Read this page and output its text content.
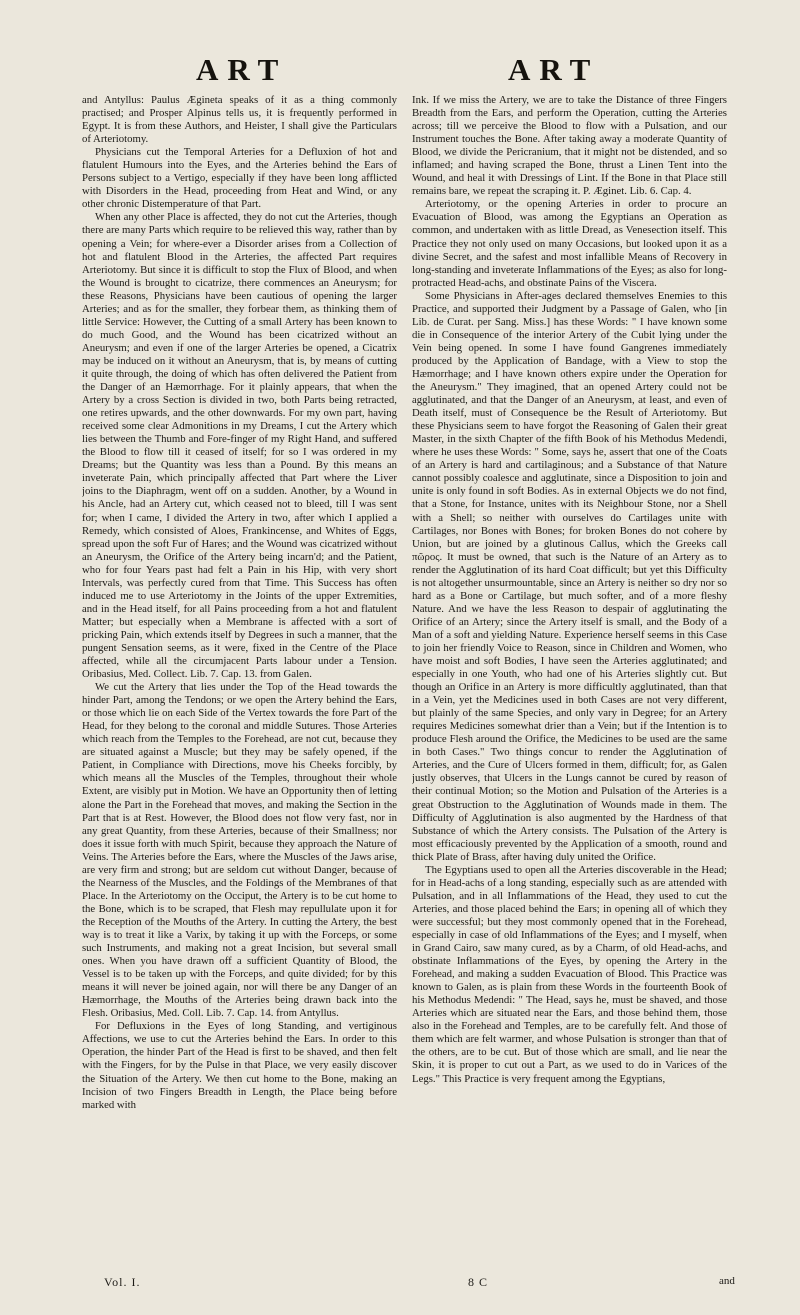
ART	ART

and Antyllus: Paulus Ægineta speaks of it as a thing commonly practised; and Prosper Alpinus tells us, it is frequently performed in Egypt. It is from these Authors, and Heister, I shall give the Particulars of Arteriotomy.

Physicians cut the Temporal Arteries for a Defluxion of hot and flatulent Humours into the Eyes, and the Arteries behind the Ears of Persons subject to a Vertigo, especially if they have been long afflicted with Disorders in the Head, proceeding from Heat and Wind, or any other chronic Distemperature of that Part.

When any other Place is affected, they do not cut the Arteries, though there are many Parts which require to be relieved this way, rather than by opening a Vein; for where-ever a Disorder arises from a Collection of hot and flatulent Blood in the Arteries, the affected Part requires Arteriotomy. But since it is difficult to stop the Flux of Blood, and when the Wound is brought to cicatrize, there commences an Aneurysm; for these Reasons, Physicians have been cautious of opening the larger Arteries; and as for the smaller, they forbear them, as thinking them of little Service: However, the Cutting of a small Artery has been known to do much Good, and the Wound has been cicatrized without an Aneurysm; and even if one of the larger Arteries be opened, a Cicatrix may be induced on it without an Aneurysm, that is, by means of cutting it quite through, the doing of which has often delivered the Patient from the Danger of an Hæmorrhage. For it plainly appears, that when the Artery by a cross Section is divided in two, both Parts being retracted, one retires upwards, and the other downwards. For my own part, having received some clear Admonitions in my Dreams, I cut the Artery which lies between the Thumb and Fore-finger of my Right Hand, and suffered the Blood to flow till it ceased of itself; for so I was ordered in my Dreams; but the Quantity was less than a Pound. By this means an inveterate Pain, which principally affected that Part where the Liver joins to the Diaphragm, went off on a sudden. Another, by a Wound in his Ancle, had an Artery cut, which ceased not to bleed, till I was sent for; when I came, I divided the Artery in two, after which I applied a Remedy, which consisted of Aloes, Frankincense, and Whites of Eggs, spread upon the soft Fur of Hares; and the Wound was cicatrized without an Aneurysm, the Orifice of the Artery being incarn'd; and the Patient, who for four Years past had felt a Pain in his Hip, with very short Intervals, was perfectly cured from that Time. This Success has often induced me to use Arteriotomy in the Joints of the upper Extremities, and in the Head itself, for all Pains proceeding from a hot and flatulent Matter; but especially when a Membrane is affected with a sort of pricking Pain, which extends itself by Degrees in such a manner, that the pungent Sensation seems, as it were, fixed in the Centre of the Place affected, while all the circumjacent Parts labour under a Tension. Oribasius, Med. Collect. Lib. 7. Cap. 13. from Galen.

We cut the Artery that lies under the Top of the Head towards the hinder Part, among the Tendons; or we open the Artery behind the Ears, or those which lie on each Side of the Vertex towards the fore Part of the Head, for they belong to the coronal and middle Sutures. Those Arteries which reach from the Temples to the Forehead, are not cut, because they are situated against a Muscle; but they may be safely opened, if the Patient, in Compliance with Directions, move his Cheeks forcibly, by which means all the Muscles of the Temples, throughout their whole Extent, are visibly put in Motion. We have an Opportunity then of letting alone the Part in the Forehead that moves, and making the Section in the Part that is at Rest. However, the Blood does not flow very fast, nor in any great Quantity, from these Arteries, because of their Smallness; nor does it issue forth with much Spirit, because they approach the Nature of Veins. The Arteries before the Ears, where the Muscles of the Jaws arise, are very firm and strong; but are seldom cut without Danger, because of the Nearness of the Muscles, and the Foldings of the Membranes of that Place. In the Arteriotomy on the Occiput, the Artery is to be cut home to the Bone, which is to be scraped, that Flesh may repullulate upon it for the Reception of the Mouths of the Artery. In cutting the Artery, the best way is to treat it like a Varix, by taking it up with the Forceps, or some such Instruments, and making not a great Incision, but several small ones. When you have drawn off a sufficient Quantity of Blood, the Vessel is to be taken up with the Forceps, and quite divided; for by this means it will never be joined again, nor will there be any Danger of an Hæmorrhage, the Mouths of the Arteries being drawn back into the Flesh. Oribasius, Med. Coll. Lib. 7. Cap. 14. from Antyllus.

For Defluxions in the Eyes of long Standing, and vertiginous Affections, we use to cut the Arteries behind the Ears. In order to this Operation, the hinder Part of the Head is first to be shaved, and then felt with the Fingers, for by the Pulse in that Place, we very easily discover the Situation of the Artery. We then cut home to the Bone, making an Incision of two Fingers Breadth in Length, the Place being before marked with

Ink. If we miss the Artery, we are to take the Distance of three Fingers Breadth from the Ears, and perform the Operation, cutting the Arteries across; till we perceive the Blood to flow with a Pulsation, and our Instrument touches the Bone. After taking away a moderate Quantity of Blood, we divide the Pericranium, that it might not be distended, and so inflamed; and having scraped the Bone, thrust a Linen Tent into the Wound, and heal it with Dressings of Lint. If the Bone in that Place still remains bare, we repeat the scraping it. P. Æginet. Lib. 6. Cap. 4.

Arteriotomy, or the opening Arteries in order to procure an Evacuation of Blood, was among the Egyptians an Operation as common, and undertaken with as little Dread, as Venesection itself. This Practice they not only used on many Occasions, but looked upon it as a divine Secret, and the safest and most infallible Means of Recovery in long-standing and inveterate Inflammations of the Eyes; as also for long-protracted Head-achs, and obstinate Pains of the Viscera.

Some Physicians in After-ages declared themselves Enemies to this Practice, and supported their Judgment by a Passage of Galen, who [in Lib. de Curat. per Sang. Miss.] has these Words: " I have known some die in Consequence of the interior Artery of the Cubit lying under the Vein being opened. In some I have found Gangrenes immediately produced by the Application of Bandage, with a View to stop the Hæmorrhage; and I have known others expire under the Operation for the Aneurysm." They imagined, that an opened Artery could not be agglutinated, and that the Danger of an Aneurysm, at least, and even of Death itself, must of Consequence be the Result of Arteriotomy. But these Physicians seem to have forgot the Reasoning of Galen their great Master, in the sixth Chapter of the fifth Book of his Methodus Medendi, where he uses these Words: " Some, says he, assert that one of the Coats of an Artery is hard and cartilaginous; and a Substance of that Nature cannot possibly coalesce and agglutinate, since a Disposition to join and unite is only found in soft Bodies. As in external Objects we do not find, that a Stone, for Instance, unites with its Neighbour Stone, nor a Shell with a Shell; so neither with ourselves do Cartilages unite with Cartilages, nor Bones with Bones; for broken Bones do not cohere by Union, but are joined by a glutinous Callus, which the Greeks call πῶρος. It must be owned, that such is the Nature of an Artery as to render the Agglutination of its hard Coat difficult; but yet this Difficulty is not altogether unsurmountable, since an Artery is neither so dry nor so hard as a Bone or Cartilage, but much softer, and of a more fleshy Nature. And we have the less Reason to despair of agglutinating the Orifice of an Artery; since the Artery itself is small, and the Body of a Man of a soft and yielding Nature. Experience herself seems in this Case to join her friendly Voice to Reason, since in Children and Women, who have moist and soft Bodies, I have seen the Arteries agglutinated; and especially in one Youth, who had one of his Arteries slightly cut. But though an Orifice in an Artery is more difficultly agglutinated, than that in a Vein, yet the Medicines used in both Cases are not very different, but plainly of the same Species, and only vary in Degree; for an Artery requires Medicines somewhat drier than a Vein; but if the Intention is to produce Flesh around the Orifice, the Medicines to be used are the same in both Cases." Two things concur to render the Agglutination of Arteries, and the Cure of Ulcers formed in them, difficult; for, as Galen justly observes, that Ulcers in the Lungs cannot be cured by reason of their continual Motion; so the Motion and Pulsation of the Arteries is a great Obstruction to the Agglutination of Wounds made in them. The Difficulty of Agglutination is also augmented by the Hardness of that Substance of which the Artery consists. The Pulsation of the Artery is most efficaciously prevented by the Application of a smooth, round and thick Plate of Brass, after having duly united the Orifice.

The Egyptians used to open all the Arteries discoverable in the Head; for in Head-achs of a long standing, especially such as are attended with Pulsation, and in all Inflammations of the Head, they used to cut the Arteries, and those placed behind the Ears; in opening all of which they were successful; but they most commonly opened that in the Forehead, especially in case of old Inflammations of the Eyes; and I myself, when in Grand Cairo, saw many cured, as by a Charm, of old Head-achs, and obstinate Inflammations of the Eyes, by opening the Artery in the Forehead, and making a sudden Evacuation of Blood. This Practice was known to Galen, as is plain from these Words in the fourteenth Book of his Methodus Medendi: " The Head, says he, must be shaved, and those Arteries which are situated near the Ears, and those behind them, those also in the Forehead and Temples, are to be carefully felt. And those of them which are felt warmer, and whose Pulsation is stronger than that of the others, are to be cut. But of those which are small, and lie near the Skin, it is proper to cut out a Part, as we used to do in Varices of the Legs." This Practice is very frequent among the Egyptians,

Vol. I.	8 C	and
